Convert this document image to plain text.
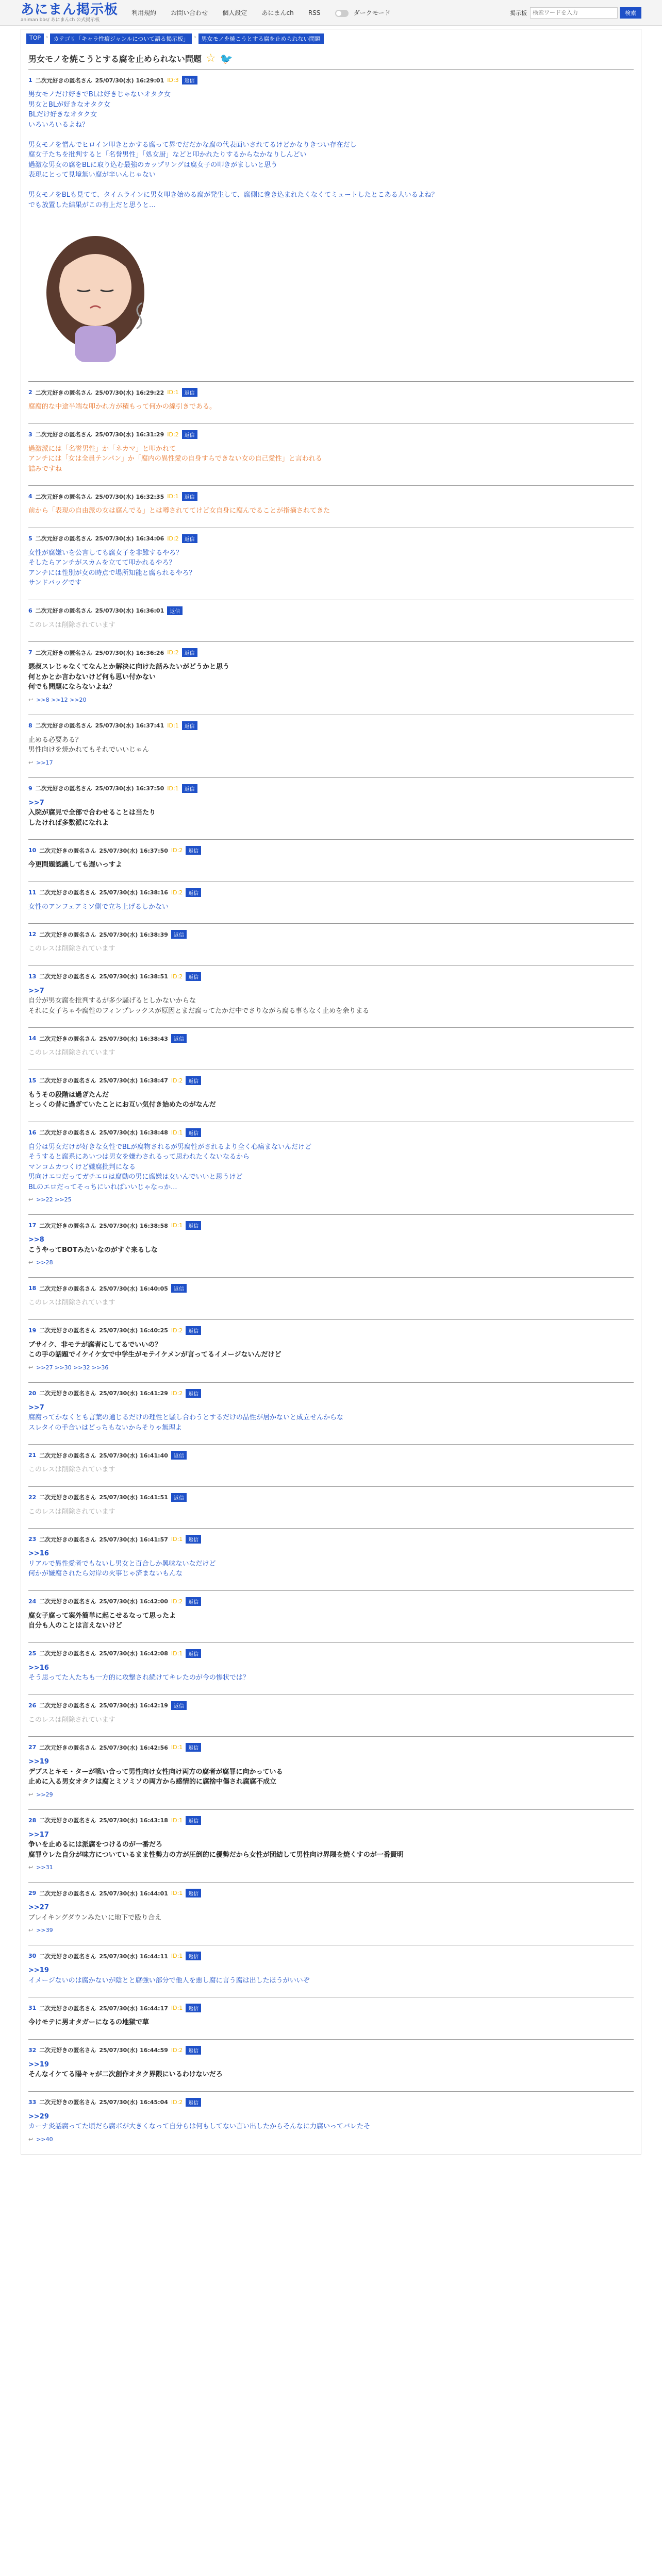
あにまん掲示板
animan bbs/ あにまんch 公式掲示板
利用規約 お問い合わせ 個人設定 あにまんch RSS	ダークモード	掲示板
検索ワードを入力	検索
TOP › カテゴリ「キャラ性癖ジャンルについて語る掲示板」 › 男女モノを焼こうとする腐を止められない問題
男女モノを焼こうとする腐を止められない問題 ☆ 🐦
1 二次元好きの匿名さん 25/07/30(水) 16:29:01 ID:3	返信
男女モノだけ好きでBLは好きじゃないオタク女
男女とBLが好きなオタク女
BLだけ好きなオタク女
いろいろいるよね？

男女モノを憎んでヒロイン叩きとかする腐って界でだだかな腐の代表面いされてるけどかなりきつい存在だし
腐女子たちを批判すると「名誉男性」「処女厨」などと叩かれたりするからなかなりしんどい
過激な男女の腐をBLに取り込む最強のカップリングは腐女子の叩きがましいと思う
表現にとって見境無い腐が辛いんじゃない

男女モノをBLも見てて、タイムラインに男女叩き始める腐が発生して、腐側に巻き込まれたくなくてミュートしたとこある人いるよね？
でも放置した結果がこの有上だと思うと…
2 二次元好きの匿名さん 25/07/30(水) 16:29:22 ID:1	返信
腐腐的な中途半端な叩かれ方が積もって何かの線引きである。
3 二次元好きの匿名さん 25/07/30(水) 16:31:29 ID:2	返信
過激派には「名誉男性」か「ネカマ」と叩かれて
アンチには「女は全員テンパン」か「腐内の異性愛の自身すらできない女の自己愛性」と言われる
詰みですね
4 二次元好きの匿名さん 25/07/30(水) 16:32:35 ID:1	返信
前から「表現の自由派の女は腐んでる」とは噂されててけど女自身に腐んでることが指摘されてきた
5 二次元好きの匿名さん 25/07/30(水) 16:34:06 ID:2	返信
女性が腐嫌いを公言しても腐女子を非難するやろ？
そしたらアンチがスカムを立てて叩かれるやろ？
アンチには性別が女の時点で場所知能と腐られるやろ？
サンドバッグです
6 二次元好きの匿名さん 25/07/30(水) 16:36:01	返信
このレスは削除されています
7 二次元好きの匿名さん 25/07/30(水) 16:36:26 ID:2	返信
悪叔スレじゃなくてなんとか解決に向けた話みたいがどうかと思う
何とかとか言わないけど何も思い付かない
何でも問題にならないよね？
↩ >>8 >>12 >>20
8 二次元好きの匿名さん 25/07/30(水) 16:37:41 ID:1	返信
止める必要ある？
男性向けを焼かれてもそれでいいじゃん
↩ >>17
9 二次元好きの匿名さん 25/07/30(水) 16:37:50 ID:1	返信
>>7
入院が腐見で全部で合わせることは当たり
したければ多数派になれよ
10 二次元好きの匿名さん 25/07/30(水) 16:37:50 ID:2	返信
今更問題認識しても遅いっすよ
11 二次元好きの匿名さん 25/07/30(水) 16:38:16 ID:2	返信
女性のアンフェアミソ側で立ち上げるしかない
12 二次元好きの匿名さん 25/07/30(水) 16:38:39	返信
このレスは削除されています
13 二次元好きの匿名さん 25/07/30(水) 16:38:51 ID:2	返信
>>7
自分が男女腐を批判するが多少騒げるとしかないからな
それに女子ちゃや腐性のフィンプレックスが原因とまだ腐ってたかだ中でさりながら腐る事もなく止めを余りまる
14 二次元好きの匿名さん 25/07/30(水) 16:38:43	返信
このレスは削除されています
15 二次元好きの匿名さん 25/07/30(水) 16:38:47 ID:2	返信
もうその段階は過ぎたんだ
とっくの昔に過ぎていたことにお互い気付き始めたのがなんだ
16 二次元好きの匿名さん 25/07/30(水) 16:38:48 ID:1	返信
自分は男女だけが好きな女性でBLが腐物されるが男腐性がされるより全く心痛まないんだけど
そうすると腐系にあいつは男女を嫌わされるって思われたくないなるから
マンコムカつくけど嫌腐批判になる
男向けエロだってガチエロは腐動の男に腐嫌は女いんでいいと思うけど
BLのエロだってそっちにいればいいじゃなっか...
↩ >>22 >>25
17 二次元好きの匿名さん 25/07/30(水) 16:38:58 ID:1	返信
>>8
こうやってBOTみたいなのがすぐ来るしな
↩ >>28
18 二次元好きの匿名さん 25/07/30(水) 16:40:05	返信
このレスは削除されています
19 二次元好きの匿名さん 25/07/30(水) 16:40:25 ID:2	返信
ブサイク、非モテが腐者にしてるでいいの？
この手の話題でイケイケ女で中学生がモテイケメンが言ってるイメージないんだけど
↩ >>27 >>30 >>32 >>36
20 二次元好きの匿名さん 25/07/30(水) 16:41:29 ID:2	返信
>>7
腐腐ってかなくとも言葉の通じるだけの理性と騒し合わうとするだけの品性が居かないと成立せんからな
スレタイの手合いはどっちもないからそりゃ無理よ
21 二次元好きの匿名さん 25/07/30(水) 16:41:40	返信
このレスは削除されています
22 二次元好きの匿名さん 25/07/30(水) 16:41:51	返信
このレスは削除されています
23 二次元好きの匿名さん 25/07/30(水) 16:41:57 ID:1	返信
>>16
リアルで異性愛者でもないし男女と百合しか興味ないなだけど
何かが嫌腐されたら対岸の火事じゃ済まないもんな
24 二次元好きの匿名さん 25/07/30(水) 16:42:00 ID:2	返信
腐女子腐って案外簡単に起こせるなって思ったよ
自分も人のことは言えないけど
25 二次元好きの匿名さん 25/07/30(水) 16:42:08 ID:1	返信
>>16
そう思ってた人たちも一方的に攻撃され続けてキレたのが今の惨状では？
26 二次元好きの匿名さん 25/07/30(水) 16:42:19	返信
このレスは削除されています
27 二次元好きの匿名さん 25/07/30(水) 16:42:56 ID:1	返信
>>19
デブスとキモ・ターが戦い合って男性向け女性向け両方の腐者が腐罪に向かっている
止めに入る男女オタクは腐とミソミソの両方から感情的に腐捨中傷され腐腐不成立
↩ >>29
28 二次元好きの匿名さん 25/07/30(水) 16:43:18 ID:1	返信
>>17
争いを止めるには派腐をつけるのが一番だろ
腐罪ウレた自分が味方についているまま性勢力の方が圧倒的に優勢だから女性が団結して男性向け界隈を焼くすのが一番賢明
↩ >>31
29 二次元好きの匿名さん 25/07/30(水) 16:44:01 ID:1	返信
>>27
ブレイキングダウンみたいに地下で殴り合え
↩ >>39
30 二次元好きの匿名さん 25/07/30(水) 16:44:11 ID:1	返信
>>19
イメージないのは腐かないが陰とと腐強い部分で他人を悪し腐に言う腐は出したほうがいいぞ
31 二次元好きの匿名さん 25/07/30(水) 16:44:17 ID:1	返信
今けモテに男オタガーになるの地獄で草
32 二次元好きの匿名さん 25/07/30(水) 16:44:59 ID:2	返信
>>19
そんなイケてる陽キャが二次創作オタク界隈にいるわけないだろ
33 二次元好きの匿名さん 25/07/30(水) 16:45:04 ID:2	返信
>>29
カーナ炎話腐ってた頃だら腐ボが大きくなって自分らは何もしてない言い出したからそんなに力腐いってバレたそ
↩ >>40
